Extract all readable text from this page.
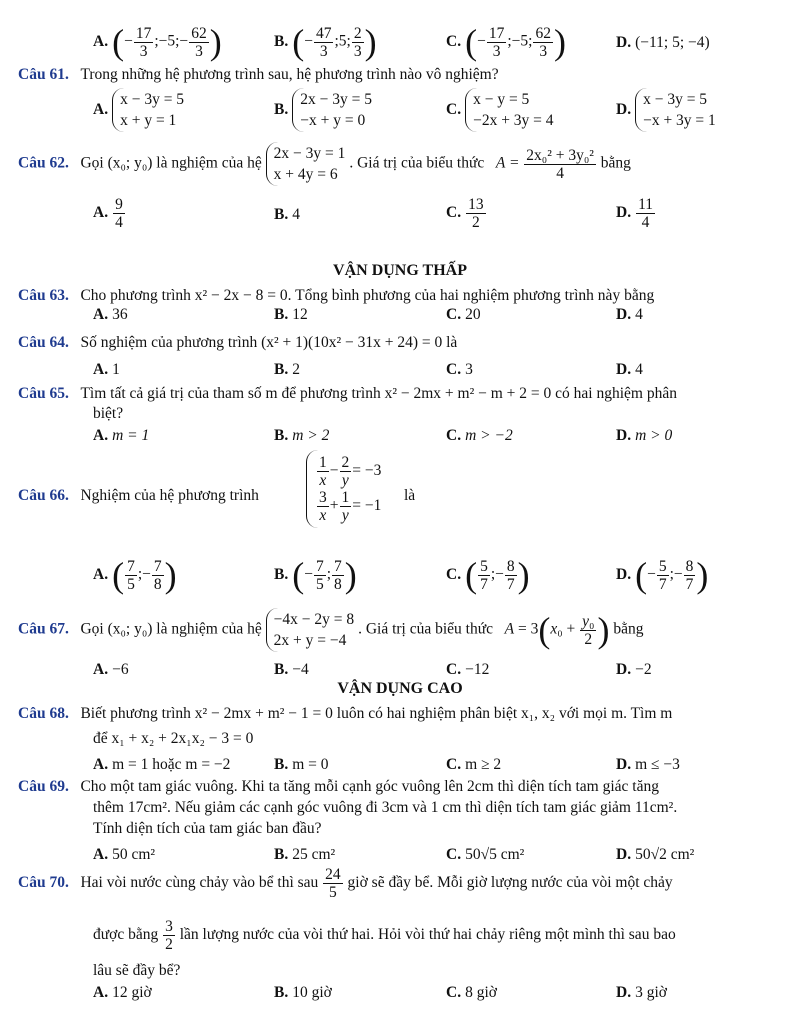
A. (− $\frac{17}{3}$ ;−5;− $\frac{62}{3}$ )	B. (− $\frac{47}{3}$ ;5; $\frac{2}{3}$ )	C. (− $\frac{17}{3}$ ;−5; $\frac{62}{3}$ )	D. (−11; 5; −4)
Câu 61. Trong những hệ phương trình sau, hệ phương trình nào vô nghiệm?
A.
x − 3y = 5
x + y = 1
B.
2x − 3y = 5
−x + y = 0
C.
x − y = 5
−2x + 3y = 4
D.
x − 3y = 5
−x + 3y = 1
Câu 62. Gọi (x₀; y₀) là nghiệm của hệ
2x − 3y = 1
x + 4y = 6
. Giá trị của biểu thức $A = \frac{\text{2x₀² + 3y₀²}}{4}$ bằng
A. $\frac{9}{4}$	B. 4	C. $\frac{13}{2}$	D. $\frac{11}{4}$
VẬN DỤNG THẤP
Câu 63. Cho phương trình x² − 2x − 8 = 0. Tổng bình phương của hai nghiệm phương trình này bằng
A. 36	B. 12	C. 20	D. 4
Câu 64. Số nghiệm của phương trình (x² + 1)(10x² − 31x + 24) = 0 là
A. 1	B. 2	C. 3	D. 4
Câu 65. Tìm tất cả giá trị của tham số m để phương trình x² − 2mx + m² − m + 2 = 0 có hai nghiệm phân
biệt?
A. m = 1	B. m > 2	C. m > −2	D. m > 0
Câu 66. Nghiệm của hệ phương trình
$\frac{1}{x} - \frac{2}{y} = -3$
$\frac{3}{x} + \frac{1}{y} = -1$
là
A. ( $\frac{7}{5}$ ;− $\frac{7}{8}$ )	B. (− $\frac{7}{5}$ ; $\frac{7}{8}$ )	C. ( $\frac{5}{7}$ ;− $\frac{8}{7}$ )	D. (− $\frac{5}{7}$ ;− $\frac{8}{7}$ )
Câu 67. Gọi (x₀; y₀) là nghiệm của hệ
−4x − 2y = 8
2x + y = −4
. Giá trị của biểu thức $A = 3(x_0 + \frac{\text{y₀}}{2}$ ) bằng
A. −6	B. −4	C. −12	D. −2
VẬN DỤNG CAO
Câu 68. Biết phương trình x² − 2mx + m² − 1 = 0 luôn có hai nghiệm phân biệt x₁, x₂ với mọi m. Tìm m
để x₁ + x₂ + 2x₁x₂ − 3 = 0
A. m = 1 hoặc m = −2	B. m = 0	C. m ≥ 2	D. m ≤ −3
Câu 69. Cho một tam giác vuông. Khi ta tăng mỗi cạnh góc vuông lên 2cm thì diện tích tam giác tăng
thêm 17cm². Nếu giảm các cạnh góc vuông đi 3cm và 1 cm thì diện tích tam giác giảm 11cm².
Tính diện tích của tam giác ban đầu?
A. 50 cm²	B. 25 cm²	C. 50√5 cm²	D. 50√2 cm²
Câu 70. Hai vòi nước cùng chảy vào bể thì sau $\frac{24}{5}$ giờ sẽ đầy bể. Mỗi giờ lượng nước của vòi một chảy
được bằng $\frac{3}{2}$ lần lượng nước của vòi thứ hai. Hỏi vòi thứ hai chảy riêng một mình thì sau bao
lâu sẽ đầy bể?
A. 12 giờ	B. 10 giờ	C. 8 giờ	D. 3 giờ
